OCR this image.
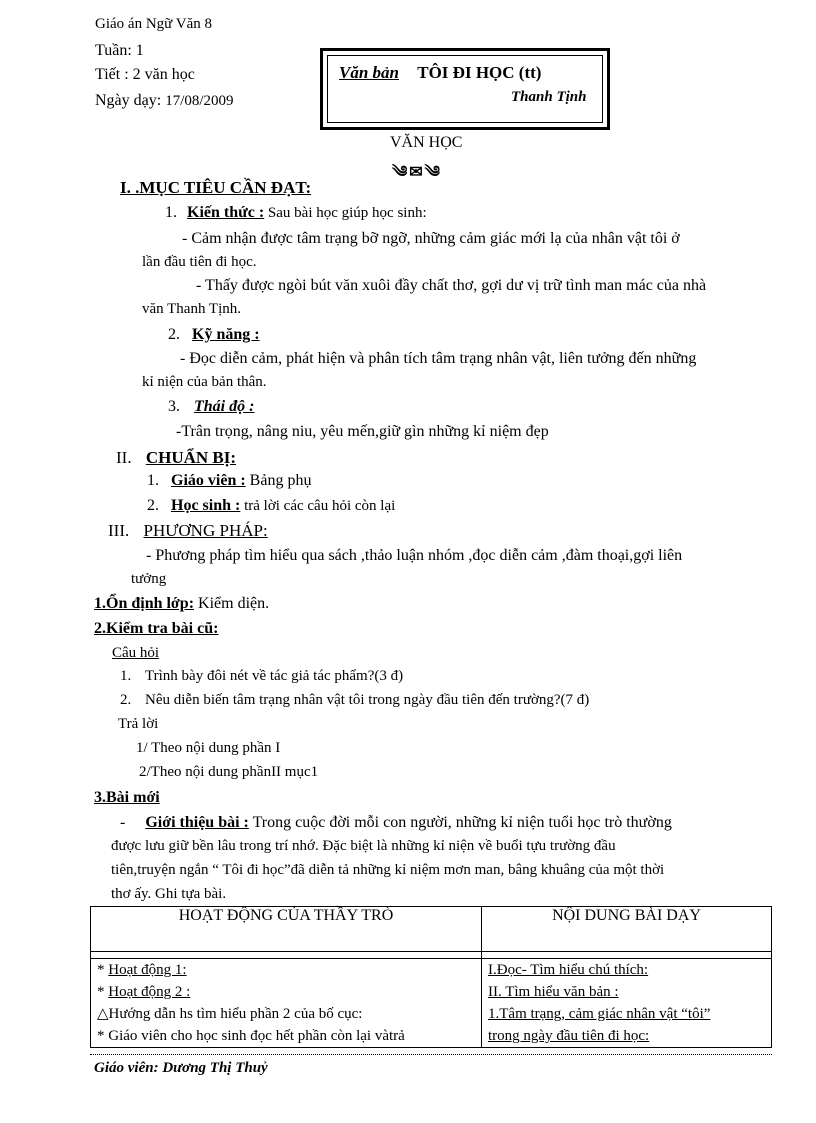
Giáo án Ngữ Văn 8
Tuần: 1
Tiết : 2 văn học
Ngày dạy: 17/08/2009
Văn bản TÔI ĐI HỌC (tt)
Thanh Tịnh
VĂN HỌC
༄✉༄
I. .MỤC TIÊU CẦN ĐẠT:
1. Kiến thức : Sau bài học giúp học sinh:
- Cảm nhận được tâm trạng bỡ ngỡ, những cảm giác mới lạ của nhân vật tôi ở
lần đầu tiên đi học.
- Thấy được ngòi bút văn xuôi đầy chất thơ, gợi dư vị trữ tình man mác của nhà
văn Thanh Tịnh.
2. Kỹ năng :
- Đọc diễn cảm, phát hiện và phân tích tâm trạng nhân vật, liên tưởng đến những
kỉ niện của bản thân.
3. Thái độ :
-Trân trọng, nâng niu, yêu mến,giữ gìn những kỉ niệm đẹp
II. CHUẨN BỊ:
1. Giáo viên : Bảng phụ
2. Học sinh : trả lời các câu hỏi còn lại
III. PHƯƠNG PHÁP:
- Phương pháp tìm hiểu qua sách ,thảo luận nhóm ,đọc diễn cảm ,đàm thoại,gợi liên
tưởng
1.Ổn định lớp: Kiểm diện.
2.Kiểm tra bài cũ:
Câu hỏi
1. Trình bày đôi nét về tác giả tác phẩm?(3 đ)
2. Nêu diễn biến tâm trạng nhân vật tôi trong ngày đầu tiên đến trường?(7 đ)
Trả lời
1/ Theo nội dung phần I
2/Theo nội dung phầnII mục1
3.Bài mới
- Giới thiệu bài : Trong cuộc đời mỗi con người, những kỉ niện tuổi học trò thường
được lưu giữ bền lâu trong trí nhớ. Đặc biệt là những kỉ niện về buổi tựu trường đầu
tiên,truyện ngắn “ Tôi đi học”đã diễn tả những kỉ niệm mơn man, bâng khuâng của một thời
thơ ấy. Ghi tựa bài.
HOẠT ĐỘNG CỦA THẦY TRÒ	NỘI DUNG BÀI DẠY

* Hoạt động 1:	I.Đọc- Tìm hiểu chú thích:
* Hoạt động 2 :	II. Tìm hiểu văn bản :
△Hướng dẫn hs tìm hiểu phần 2 của bố cục:	1.Tâm trạng, cảm giác nhân vật “tôi”
* Giáo viên cho học sinh đọc hết phần còn lại vàtrả	trong ngày đầu tiên đi học:
Giáo viên: Dương Thị Thuỷ
